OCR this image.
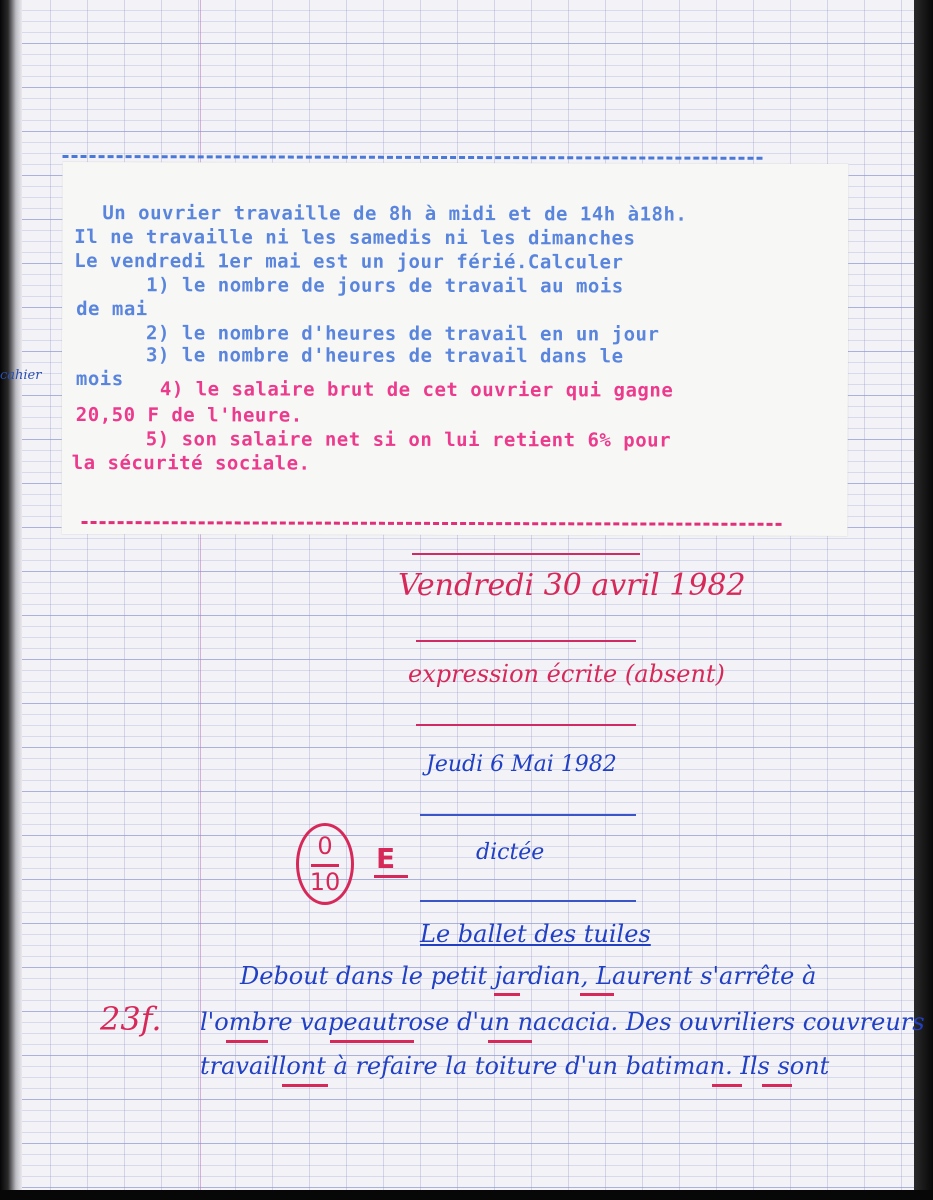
cahier
Un ouvrier travaille de 8h à midi et de 14h à18h.
Il ne travaille ni les samedis ni les dimanches
Le vendredi 1er mai est un jour férié.Calculer
1) le nombre de jours de travail au mois
de mai
2) le nombre d'heures de travail en un jour
3) le nombre d'heures de travail dans le
mois	4) le salaire brut de cet ouvrier qui gagne
20,50 F de l'heure.
5) son salaire net si on lui retient 6% pour
la sécurité sociale.
Vendredi 30 avril 1982
expression écrite (absent)
Jeudi 6 Mai 1982
0
10
E	dictée
Le ballet des tuiles
23f.
Debout dans le petit jardian, Laurent s'arrête à
l'ombre vapeautrose d'un nacacia. Des ouvriliers couvreurs
travaillont à refaire la toiture d'un batiman. Ils sont
